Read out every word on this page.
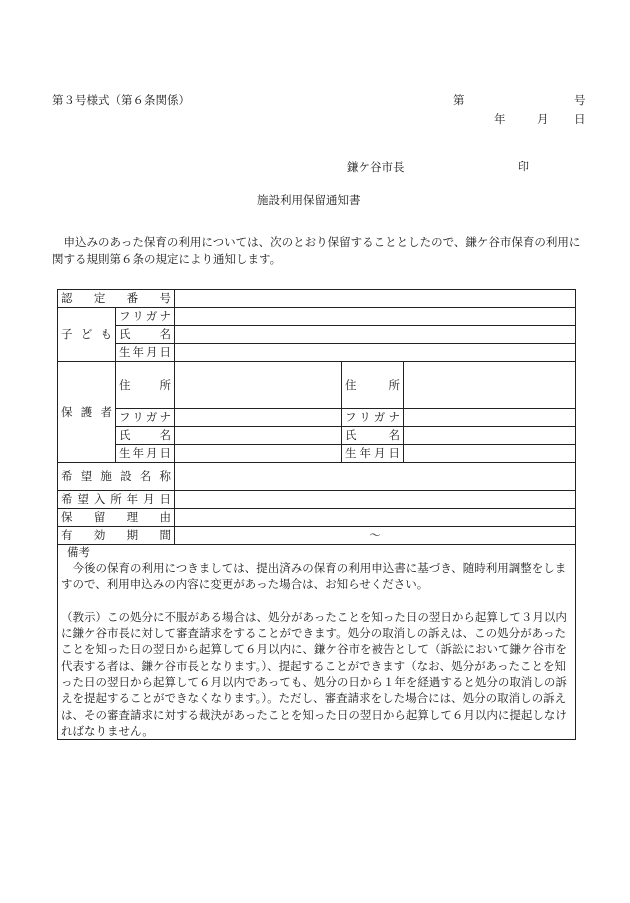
第３号様式（第６条関係）	第	号
年	月 日
鎌ケ谷市長	印
施設利用保留通知書
申込みのあった保育の利用については、次のとおり保留することとしたので、鎌ケ谷市保育の利用に関する規則第６条の規定により通知します。
認　定　番　号				
子ども	フリガナ			
	氏　　名			
	生年月日			
保護者	住　　所		住　　所	
	フリガナ		フリガナ	
	氏　　名		氏　　名	
	生年月日		生年月日	
希望施設名称				
希望入所年月日				
保　留　理　由				
有　効　期　間		～		

備考

今後の保育の利用につきましては、提出済みの保育の利用申込書に基づき、随時利用調整をしますので、利用申込みの内容に変更があった場合は、お知らせください。

（教示）この処分に不服がある場合は、処分があったことを知った日の翌日から起算して３月以内に鎌ケ谷市長に対して審査請求をすることができます。処分の取消しの訴えは、この処分があったことを知った日の翌日から起算して６月以内に、鎌ケ谷市を被告として（訴訟において鎌ケ谷市を代表する者は、鎌ケ谷市長となります。）、提起することができます（なお、処分があったことを知った日の翌日から起算して６月以内であっても、処分の日から１年を経過すると処分の取消しの訴えを提起することができなくなります。）。ただし、審査請求をした場合には、処分の取消しの訴えは、その審査請求に対する裁決があったことを知った日の翌日から起算して６月以内に提起しなければなりません。				
